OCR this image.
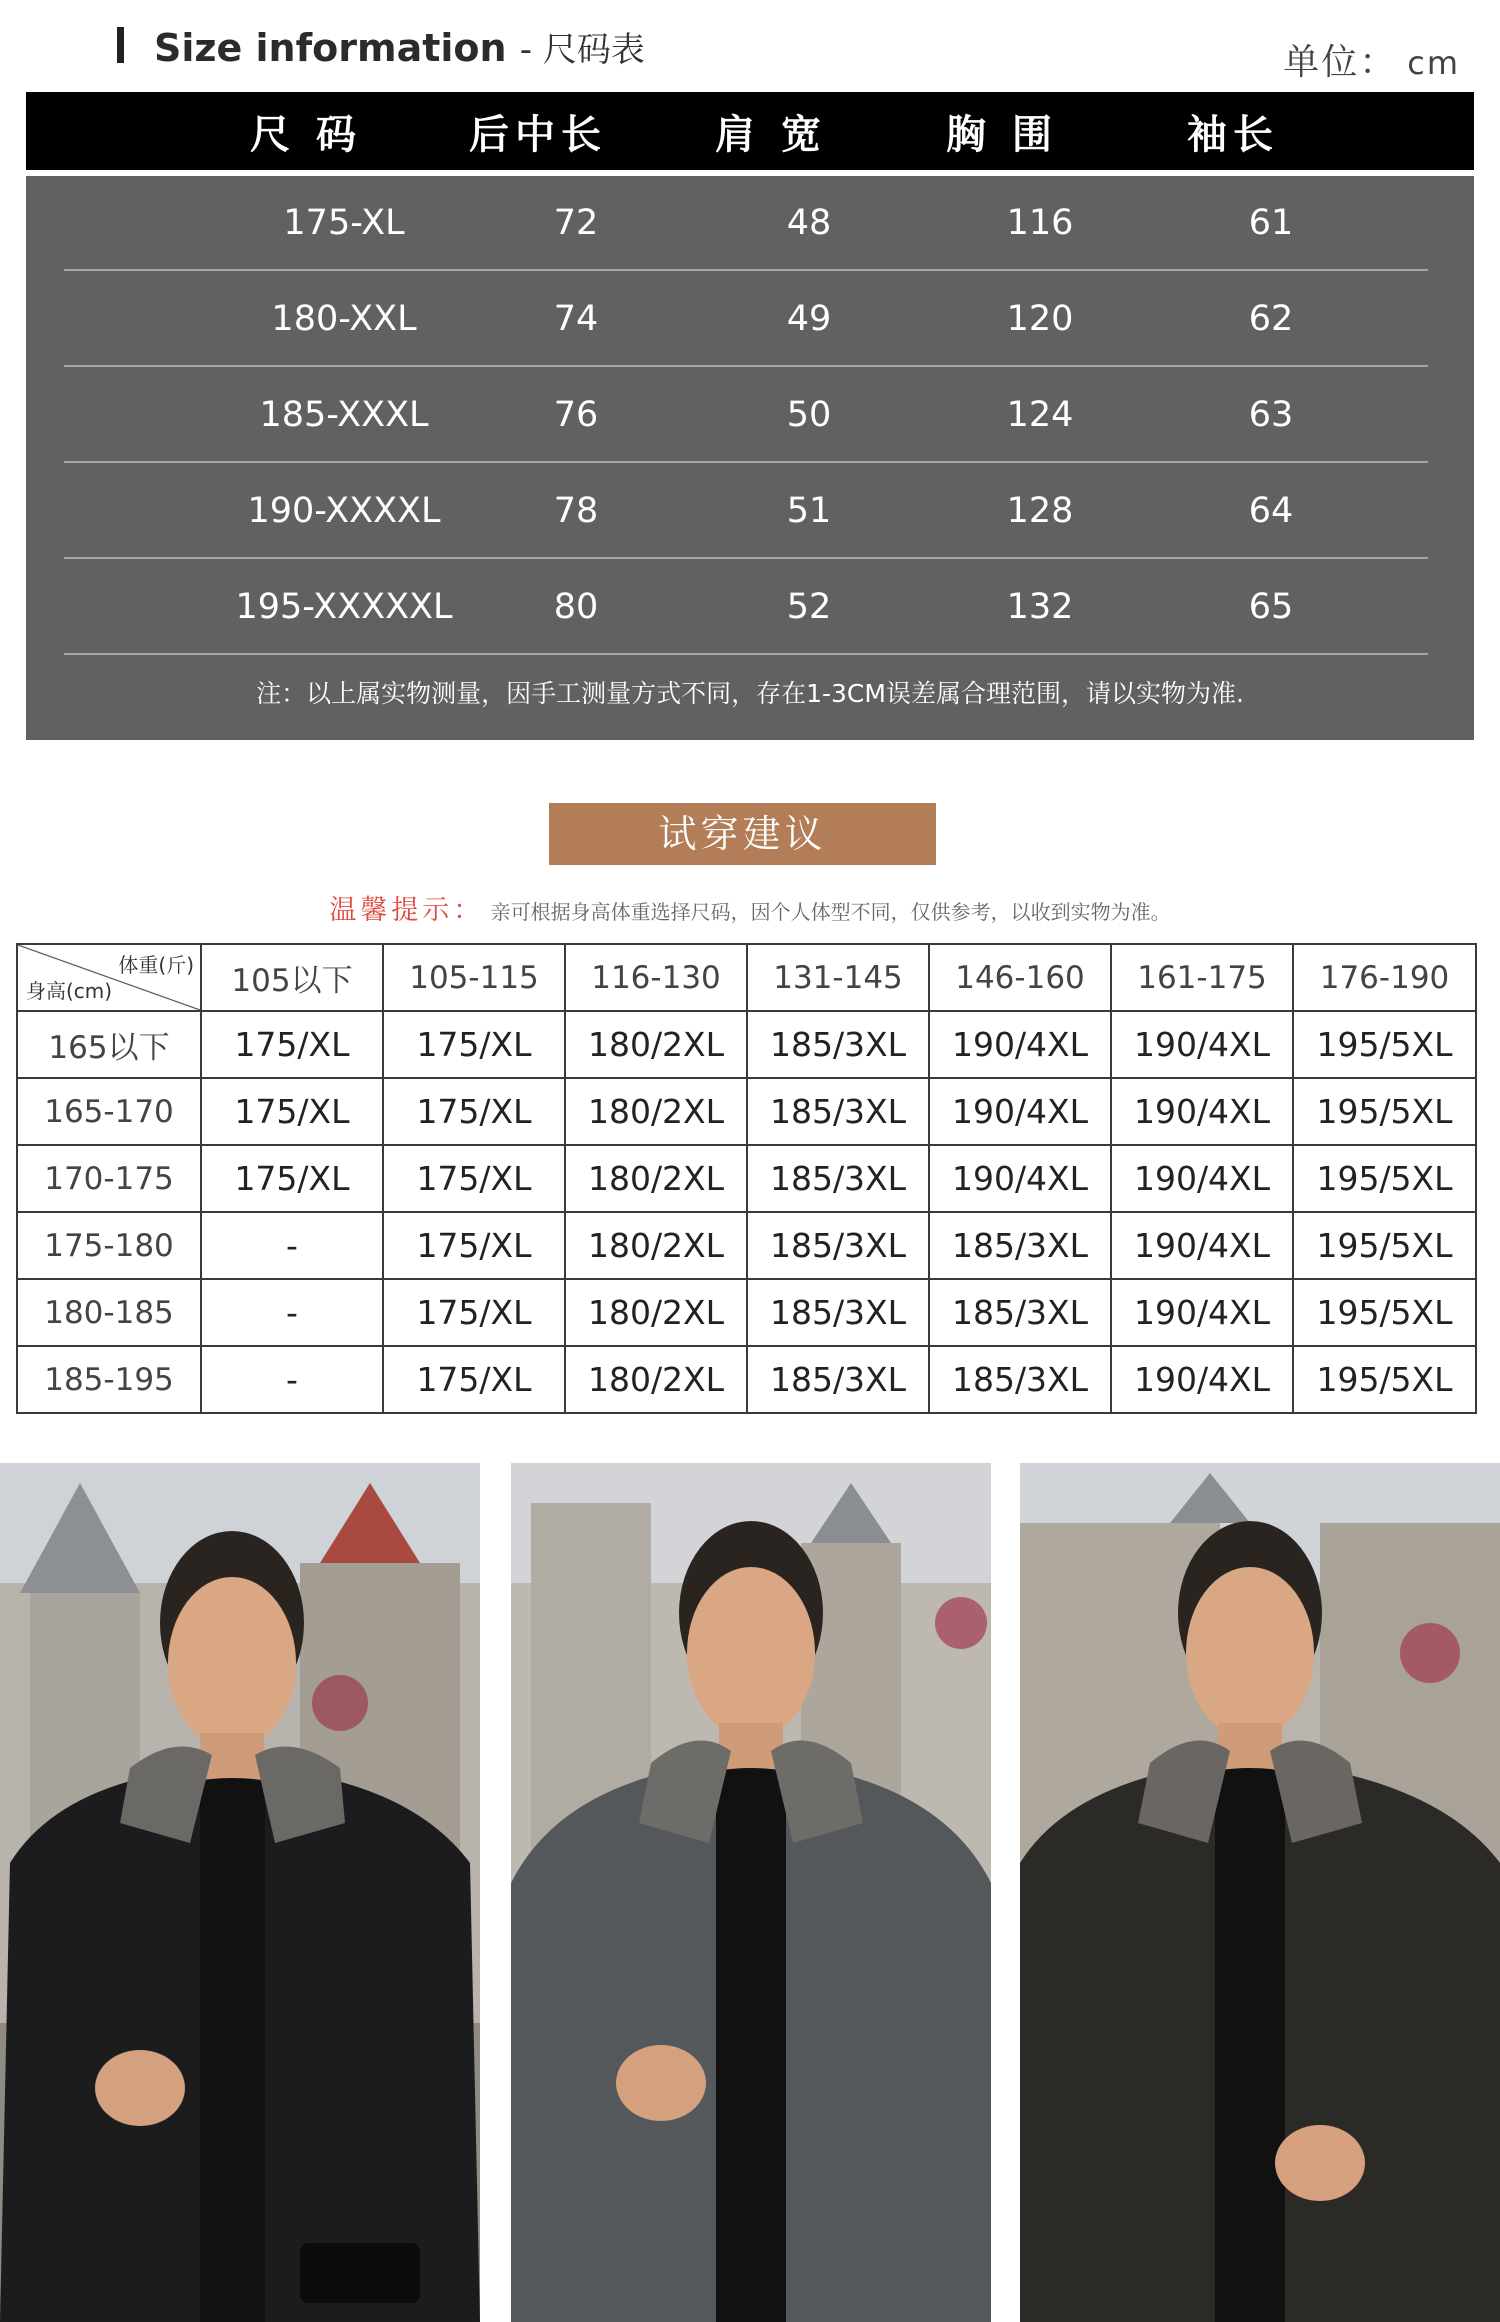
Size information - 尺码表	单位： cm
尺 码	后中长	肩 宽	胸 围	袖长
175-XL	72	48	116	61
180-XXL	74	49	120	62
185-XXXL	76	50	124	63
190-XXXXL	78	51	128	64
195-XXXXXL	80	52	132	65
注：以上属实物测量，因手工测量方式不同，存在1-3CM误差属合理范围，请以实物为准.
试穿建议
温馨提示： 亲可根据身高体重选择尺码，因个人体型不同，仅供参考，以收到实物为准。
体重(斤)
身高(cm)	105以下	105-115	116-130	131-145	146-160	161-175	176-190
165以下	175/XL	175/XL	180/2XL	185/3XL	190/4XL	190/4XL	195/5XL
165-170	175/XL	175/XL	180/2XL	185/3XL	190/4XL	190/4XL	195/5XL
170-175	175/XL	175/XL	180/2XL	185/3XL	190/4XL	190/4XL	195/5XL
175-180	-	175/XL	180/2XL	185/3XL	185/3XL	190/4XL	195/5XL
180-185	-	175/XL	180/2XL	185/3XL	185/3XL	190/4XL	195/5XL
185-195	-	175/XL	180/2XL	185/3XL	185/3XL	190/4XL	195/5XL
